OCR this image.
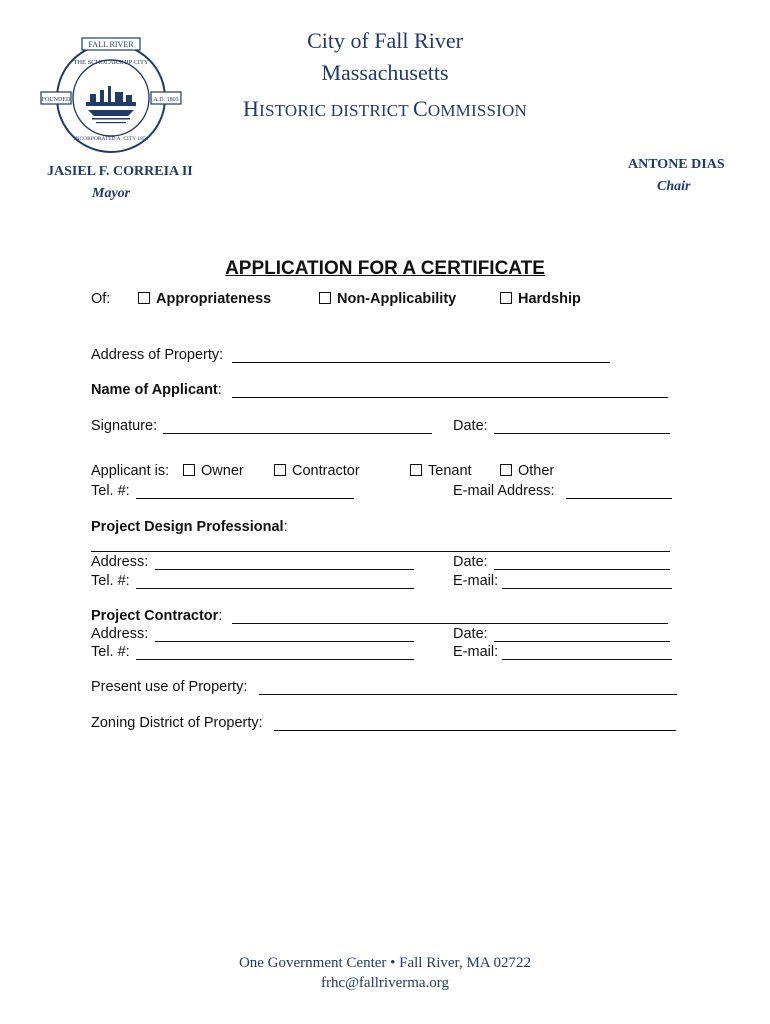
FALL RIVER
FOUNDED	A.D. 1803
THE SCHOLARSHIP CITY
INCORPORATED A. CITY 1854
City of Fall River
Massachusetts
HISTORIC DISTRICT COMMISSION
JASIEL F. CORREIA II
Mayor
ANTONE DIAS
Chair
APPLICATION FOR A CERTIFICATE
Of:	Appropriateness	Non-Applicability	Hardship
Address of Property:
Name of Applicant:
Signature:	Date:
Applicant is:	Owner	Contractor	Tenant	Other
Tel. #:	E-mail Address:
Project Design Professional:
Address:	Date:
Tel. #:	E-mail:
Project Contractor:
Address:	Date:
Tel. #:	E-mail:
Present use of Property:
Zoning District of Property:
One Government Center • Fall River, MA 02722
frhc@fallriverma.org
